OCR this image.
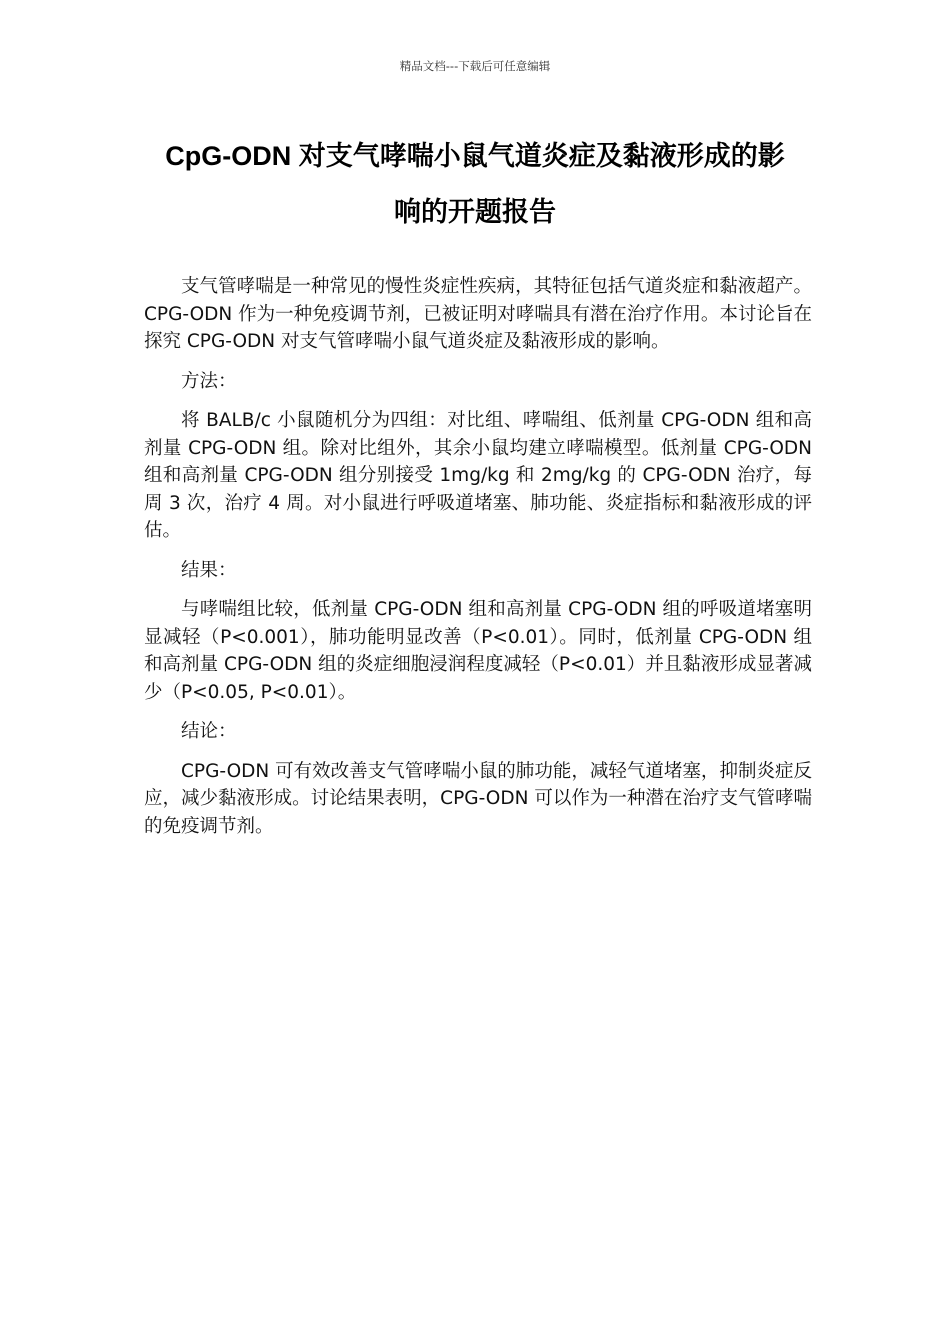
精品文档---下载后可任意编辑
CpG-ODN 对支气哮喘小鼠气道炎症及黏液形成的影
响的开题报告

支气管哮喘是一种常见的慢性炎症性疾病，其特征包括气道炎症和黏液超产。CPG-ODN 作为一种免疫调节剂，已被证明对哮喘具有潜在治疗作用。本讨论旨在探究 CPG-ODN 对支气管哮喘小鼠气道炎症及黏液形成的影响。

方法：

将 BALB/c 小鼠随机分为四组：对比组、哮喘组、低剂量 CPG-ODN 组和高剂量 CPG-ODN 组。除对比组外，其余小鼠均建立哮喘模型。低剂量 CPG-ODN 组和高剂量 CPG-ODN 组分别接受 1mg/kg 和 2mg/kg 的 CPG-ODN 治疗，每周 3 次，治疗 4 周。对小鼠进行呼吸道堵塞、肺功能、炎症指标和黏液形成的评估。

结果：

与哮喘组比较，低剂量 CPG-ODN 组和高剂量 CPG-ODN 组的呼吸道堵塞明显减轻（P<0.001），肺功能明显改善（P<0.01）。同时，低剂量 CPG-ODN 组和高剂量 CPG-ODN 组的炎症细胞浸润程度减轻（P<0.01）并且黏液形成显著减少（P<0.05, P<0.01）。

结论：

CPG-ODN 可有效改善支气管哮喘小鼠的肺功能，减轻气道堵塞，抑制炎症反应，减少黏液形成。讨论结果表明，CPG-ODN 可以作为一种潜在治疗支气管哮喘的免疫调节剂。
